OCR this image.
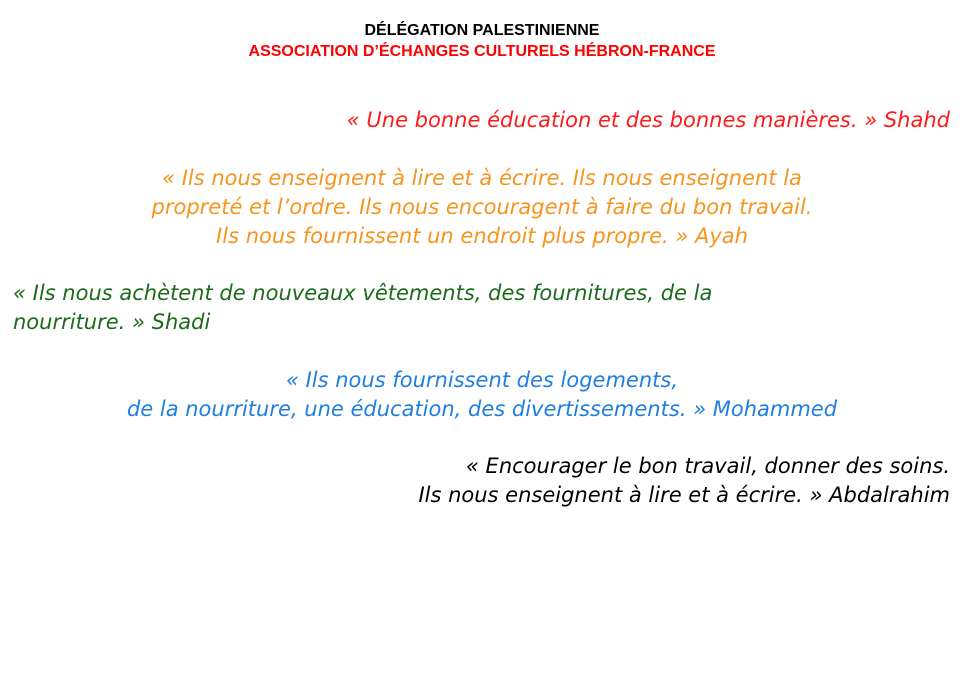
DÉLÉGATION PALESTINIENNE
ASSOCIATION D’ÉCHANGES CULTURELS HÉBRON-FRANCE
« Une bonne éducation et des bonnes manières. » Shahd
« Ils nous enseignent à lire et à écrire. Ils nous enseignent la
propreté et l’ordre. Ils nous encouragent à faire du bon travail.
Ils nous fournissent un endroit plus propre. » Ayah
« Ils nous achètent de nouveaux vêtements, des fournitures, de la
nourriture. » Shadi
« Ils nous fournissent des logements,
de la nourriture, une éducation, des divertissements. » Mohammed
« Encourager le bon travail, donner des soins.
Ils nous enseignent à lire et à écrire. » Abdalrahim
